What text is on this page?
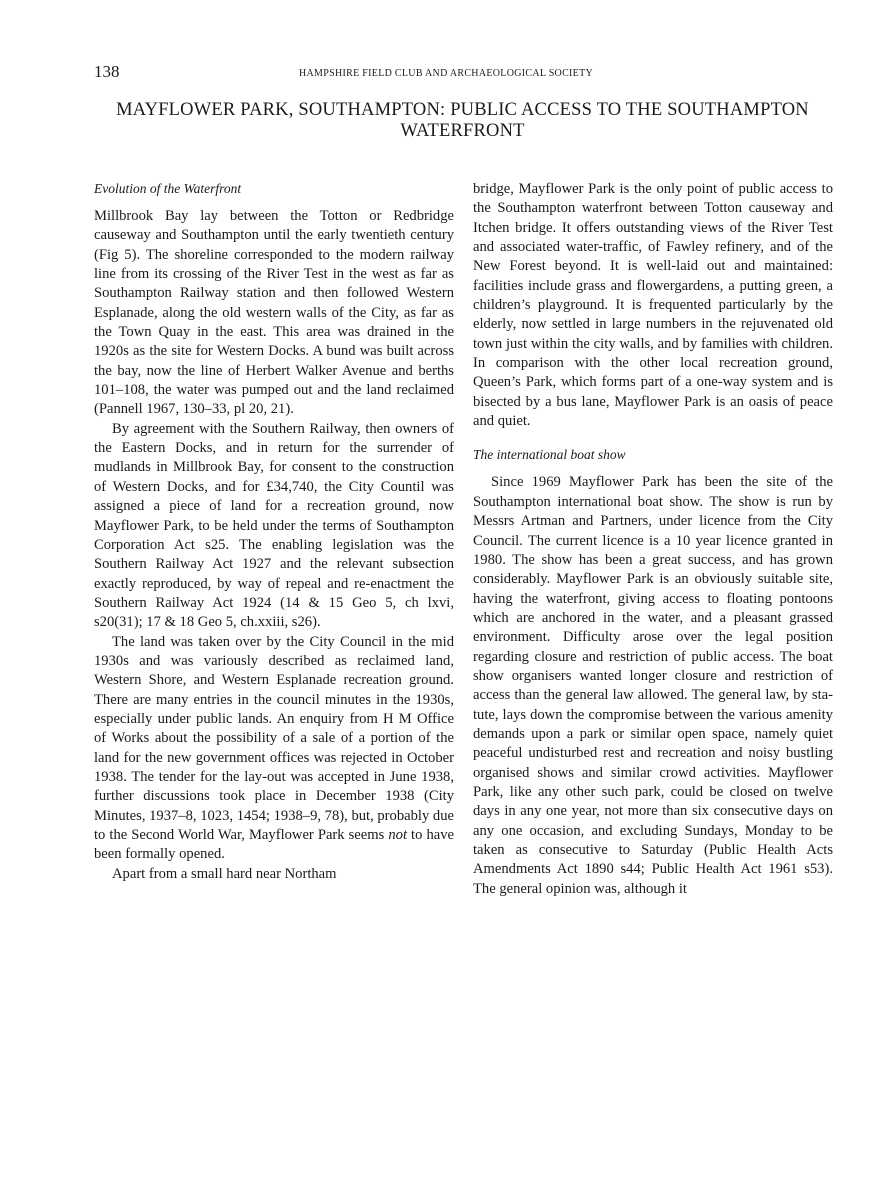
138	HAMPSHIRE FIELD CLUB AND ARCHAEOLOGICAL SOCIETY
MAYFLOWER PARK, SOUTHAMPTON: PUBLIC ACCESS TO THE SOUTHAMPTON WATERFRONT
Evolution of the Waterfront

Millbrook Bay lay between the Totton or Redbridge causeway and Southampton until the early twentieth century (Fig 5). The shoreline corresponded to the modern railway line from its crossing of the River Test in the west as far as Southampton Railway station and then followed Western Esplanade, along the old western walls of the City, as far as the Town Quay in the east. This area was drained in the 1920s as the site for Western Docks. A bund was built across the bay, now the line of Herbert Walker Avenue and berths 101–108, the water was pumped out and the land reclaimed (Pannell 1967, 130–33, pl 20, 21).

By agreement with the Southern Railway, then owners of the Eastern Docks, and in return for the surrender of mudlands in Millbrook Bay, for consent to the construction of Western Docks, and for £34,740, the City Countil was assigned a piece of land for a recreation ground, now Mayflower Park, to be held under the terms of Southampton Corporation Act s25. The enabling legislation was the Southern Railway Act 1927 and the relevant subsection exactly reproduced, by way of repeal and re-enactment the Southern Railway Act 1924 (14 & 15 Geo 5, ch lxvi, s20(31); 17 & 18 Geo 5, ch.xxiii, s26).

The land was taken over by the City Council in the mid 1930s and was variously described as reclaimed land, Western Shore, and Western Esplanade recreation ground. There are many entries in the council minutes in the 1930s, especially under public lands. An enquiry from H M Office of Works about the possibility of a sale of a portion of the land for the new government offices was rejected in October 1938. The tender for the lay-out was accepted in June 1938, further discussions took place in December 1938 (City Minutes, 1937–8, 1023, 1454; 1938–9, 78), but, probably due to the Second World War, Mayflower Park seems not to have been formally opened.

Apart from a small hard near Northam

bridge, Mayflower Park is the only point of public access to the Southampton waterfront between Totton causeway and Itchen bridge. It offers outstanding views of the River Test and associated water-traffic, of Fawley refinery, and of the New Forest beyond. It is well-laid out and maintained: facilities include grass and flowergardens, a putting green, a children’s playground. It is frequented particularly by the elderly, now settled in large numbers in the rejuvenated old town just within the city walls, and by families with children. In comparison with the other local recreation ground, Queen’s Park, which forms part of a one-way system and is bisected by a bus lane, Mayflower Park is an oasis of peace and quiet.

The international boat show

Since 1969 Mayflower Park has been the site of the Southampton international boat show. The show is run by Messrs Artman and Partners, under licence from the City Council. The current licence is a 10 year licence granted in 1980. The show has been a great success, and has grown considerably. Mayflower Park is an obviously suitable site, having the waterfront, giving access to floating pontoons which are anchored in the water, and a pleasant grassed environment. Difficulty arose over the legal position regarding closure and restriction of public access. The boat show organisers wanted longer closure and restriction of access than the general law allowed. The general law, by statute, lays down the compromise between the various amenity demands upon a park or similar open space, namely quiet peaceful undisturbed rest and recreation and noisy bustling organised shows and similar crowd activities. Mayflower Park, like any other such park, could be closed on twelve days in any one year, not more than six consecutive days on any one occasion, and excluding Sundays, Monday to be taken as consecutive to Saturday (Public Health Acts Amendments Act 1890 s44; Public Health Act 1961 s53). The general opinion was, although it
